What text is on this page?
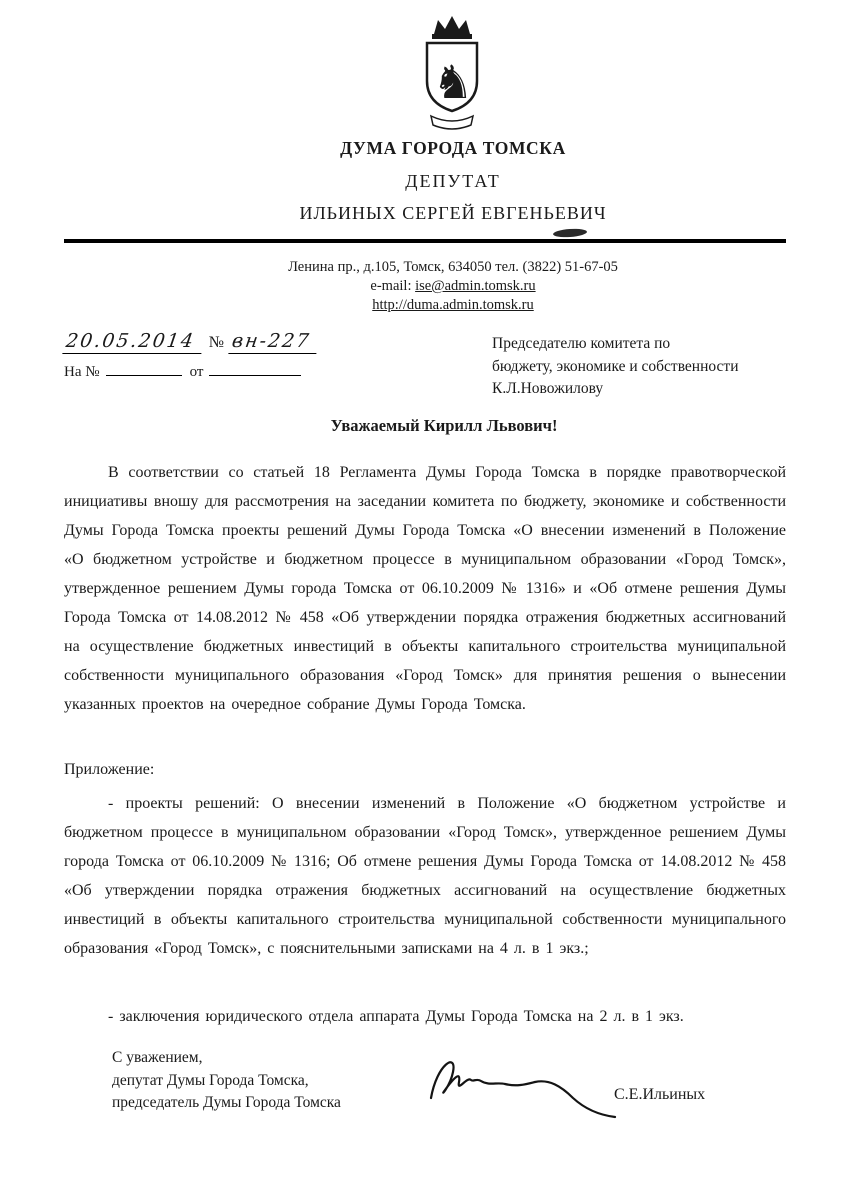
♞
ДУМА ГОРОДА ТОМСКА
ДЕПУТАТ
ИЛЬИНЫХ СЕРГЕЙ ЕВГЕНЬЕВИЧ
Ленина пр., д.105, Томск, 634050 тел. (3822) 51-67-05
e-mail: ise@admin.tomsk.ru
http://duma.admin.tomsk.ru
20.05.2014 № вн-227
На №	от
Председателю комитета по
бюджету, экономике и собственности
К.Л.Новожилову
Уважаемый Кирилл Львович!
В соответствии со статьей 18 Регламента Думы Города Томска в порядке правотворческой инициативы вношу для рассмотрения на заседании комитета по бюджету, экономике и собственности Думы Города Томска проекты решений Думы Города Томска «О внесении изменений в Положение «О бюджетном устройстве и бюджетном процессе в муниципальном образовании «Город Томск», утвержденное решением Думы города Томска от 06.10.2009 № 1316» и «Об отмене решения Думы Города Томска от 14.08.2012 № 458 «Об утверждении порядка отражения бюджетных ассигнований на осуществление бюджетных инвестиций в объекты капитального строительства муниципальной собственности муниципального образования «Город Томск» для принятия решения о вынесении указанных проектов на очередное собрание Думы Города Томска.
Приложение:
- проекты решений: О внесении изменений в Положение «О бюджетном устройстве и бюджетном процессе в муниципальном образовании «Город Томск», утвержденное решением Думы города Томска от 06.10.2009 № 1316; Об отмене решения Думы Города Томска от 14.08.2012 № 458 «Об утверждении порядка отражения бюджетных ассигнований на осуществление бюджетных инвестиций в объекты капитального строительства муниципальной собственности муниципального образования «Город Томск», с пояснительными записками на 4 л. в 1 экз.;
- заключения юридического отдела аппарата Думы Города Томска на 2 л. в 1 экз.
С уважением,
депутат Думы Города Томска,
председатель Думы Города Томска	С.Е.Ильиных
